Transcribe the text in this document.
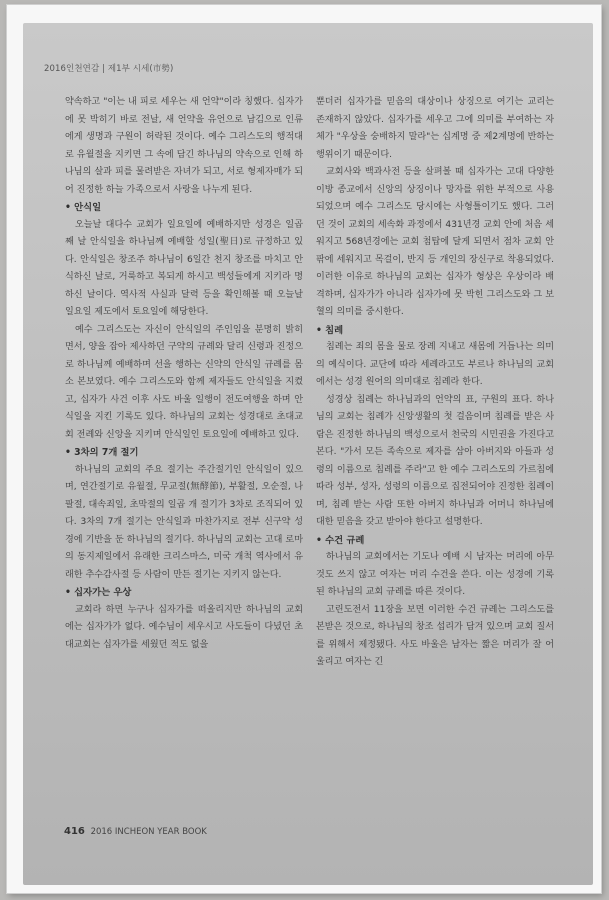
2016인천연감 | 제1부 시세(市勢)

약속하고 "이는 내 피로 세우는 새 언약"이라 칭했다. 십자가에 못 박히기 바로 전날, 새 언약을 유언으로 남김으로 인류에게 생명과 구원이 허락된 것이다. 예수 그리스도의 행적대로 유월절을 지키면 그 속에 담긴 하나님의 약속으로 인해 하나님의 살과 피를 물려받은 자녀가 되고, 서로 형제자매가 되어 진정한 하늘 가족으로서 사랑을 나누게 된다.

• 안식일

오늘날 대다수 교회가 일요일에 예배하지만 성경은 일곱째 날 안식일을 하나님께 예배할 성일(聖日)로 규정하고 있다. 안식일은 창조주 하나님이 6일간 천지 창조를 마치고 안식하신 날로, 거룩하고 복되게 하시고 백성들에게 지키라 명하신 날이다. 역사적 사실과 달력 등을 확인해볼 때 오늘날 일요일 제도에서 토요일에 해당한다.

예수 그리스도는 자신이 안식일의 주인임을 분명히 밝히면서, 양을 잡아 제사하던 구약의 규례와 달리 신령과 진정으로 하나님께 예배하며 선을 행하는 신약의 안식일 규례를 몸소 본보였다. 예수 그리스도와 함께 제자들도 안식일을 지켰고, 십자가 사건 이후 사도 바울 일행이 전도여행을 하며 안식일을 지킨 기록도 있다. 하나님의 교회는 성경대로 초대교회 전례와 신앙을 지키며 안식일인 토요일에 예배하고 있다.

• 3차의 7개 절기

하나님의 교회의 주요 절기는 주간절기인 안식일이 있으며, 연간절기로 유월절, 무교절(無酵節), 부활절, 오순절, 나팔절, 대속죄일, 초막절의 일곱 개 절기가 3차로 조직되어 있다. 3차의 7개 절기는 안식일과 마찬가지로 전부 신구약 성경에 기반을 둔 하나님의 절기다. 하나님의 교회는 고대 로마의 동지제일에서 유래한 크리스마스, 미국 개척 역사에서 유래한 추수감사절 등 사람이 만든 절기는 지키지 않는다.

• 십자가는 우상

교회라 하면 누구나 십자가를 떠올리지만 하나님의 교회에는 십자가가 없다. 예수님이 세우시고 사도들이 다녔던 초대교회는 십자가를 세웠던 적도 없을

뿐더러 십자가를 믿음의 대상이나 상징으로 여기는 교리는 존재하지 않았다. 십자가를 세우고 그에 의미를 부여하는 자체가 "우상을 숭배하지 말라"는 십계명 중 제2계명에 반하는 행위이기 때문이다.

교회사와 백과사전 등을 살펴볼 때 십자가는 고대 다양한 이방 종교에서 신앙의 상징이나 망자를 위한 부적으로 사용되었으며 예수 그리스도 당시에는 사형틀이기도 했다. 그러던 것이 교회의 세속화 과정에서 431년경 교회 안에 처음 세워지고 568년경에는 교회 첨탑에 달게 되면서 점차 교회 안팎에 세워지고 목걸이, 반지 등 개인의 장신구로 착용되었다. 이러한 이유로 하나님의 교회는 십자가 형상은 우상이라 배격하며, 십자가가 아니라 십자가에 못 박힌 그리스도와 그 보혈의 의미를 중시한다.

• 침례

침례는 죄의 몸을 물로 장례 지내고 새몸에 거듭나는 의미의 예식이다. 교단에 따라 세례라고도 부르나 하나님의 교회에서는 성경 원어의 의미대로 침례라 한다.

성경상 침례는 하나님과의 언약의 표, 구원의 표다. 하나님의 교회는 침례가 신앙생활의 첫 걸음이며 침례를 받은 사람은 진정한 하나님의 백성으로서 천국의 시민권을 가진다고 본다. "가서 모든 족속으로 제자를 삼아 아버지와 아들과 성령의 이름으로 침례를 주라"고 한 예수 그리스도의 가르침에 따라 성부, 성자, 성령의 이름으로 집전되어야 진정한 침례이며, 침례 받는 사람 또한 아버지 하나님과 어머니 하나님에 대한 믿음을 갖고 받아야 한다고 설명한다.

• 수건 규례

하나님의 교회에서는 기도나 예배 시 남자는 머리에 아무것도 쓰지 않고 여자는 머리 수건을 쓴다. 이는 성경에 기록된 하나님의 교회 규례를 따른 것이다.

고린도전서 11장을 보면 이러한 수건 규례는 그리스도를 본받은 것으로, 하나님의 창조 섭리가 담겨 있으며 교회 질서를 위해서 제정됐다. 사도 바울은 남자는 짧은 머리가 잘 어울리고 여자는 긴

416 2016 INCHEON YEAR BOOK
